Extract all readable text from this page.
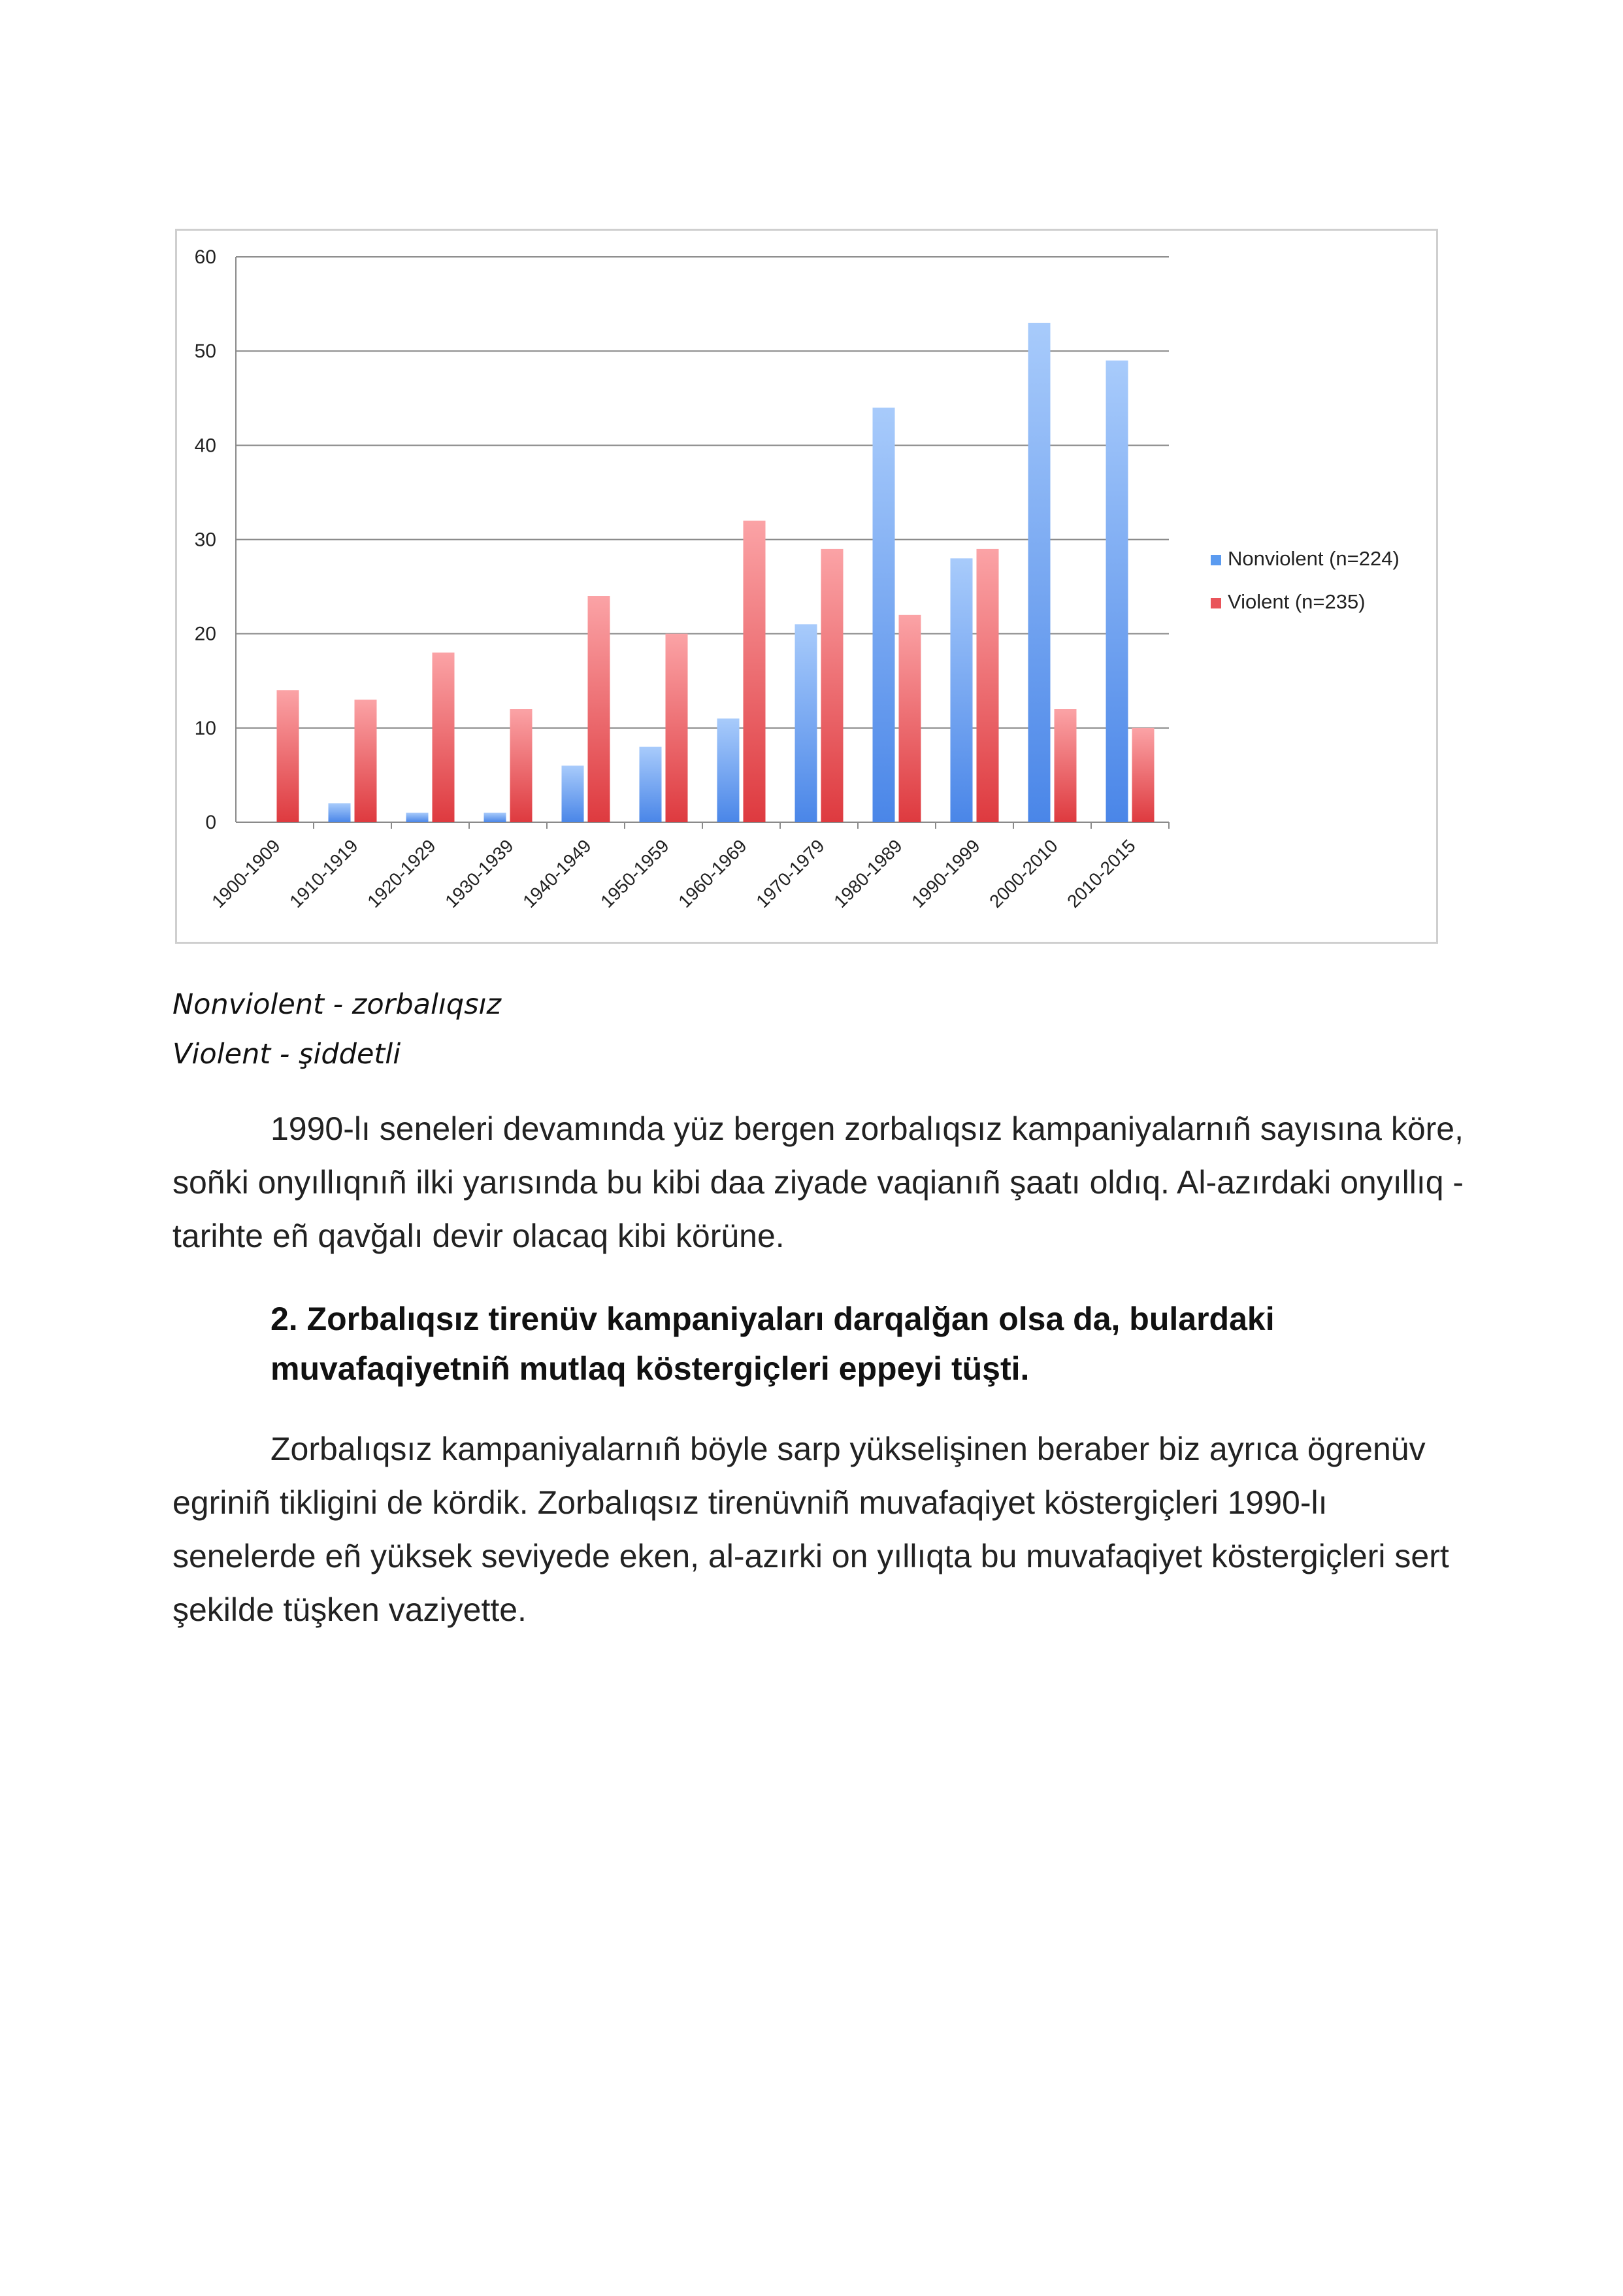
0
10
20
30
40
50
60
1900-1909 1910-1919 1920-1929 1930-1939 1940-1949 1950-1959 1960-1969 1970-1979 1980-1989 1990-1999 2000-2010 2010-2015
Nonviolent (n=224)
Violent (n=235)
Nonviolent - zorbalıqsız
Violent - şiddetli

1990-lı seneleri devamında yüz bergen zorbalıqsız kampaniyalarnıñ sayısına köre, soñki onyıllıqnıñ ilki yarısında bu kibi daa ziyade vaqianıñ şaatı oldıq. Al-azırdaki onyıllıq - tarihte eñ qavğalı devir olacaq kibi körüne.

2. Zorbalıqsız tirenüv kampaniyaları darqalğan olsa da, bulardaki muvafaqiyetniñ mutlaq köstergiçleri eppeyi tüşti.

Zorbalıqsız kampaniyalarnıñ böyle sarp yükselişinen beraber biz ayrıca ögrenüv egriniñ tikligini de kördik. Zorbalıqsız tirenüvniñ muvafaqiyet köstergiçleri 1990-lı senelerde eñ yüksek seviyede eken, al-azırki on yıllıqta bu muvafaqiyet köstergiçleri sert şekilde tüşken vaziyette.
